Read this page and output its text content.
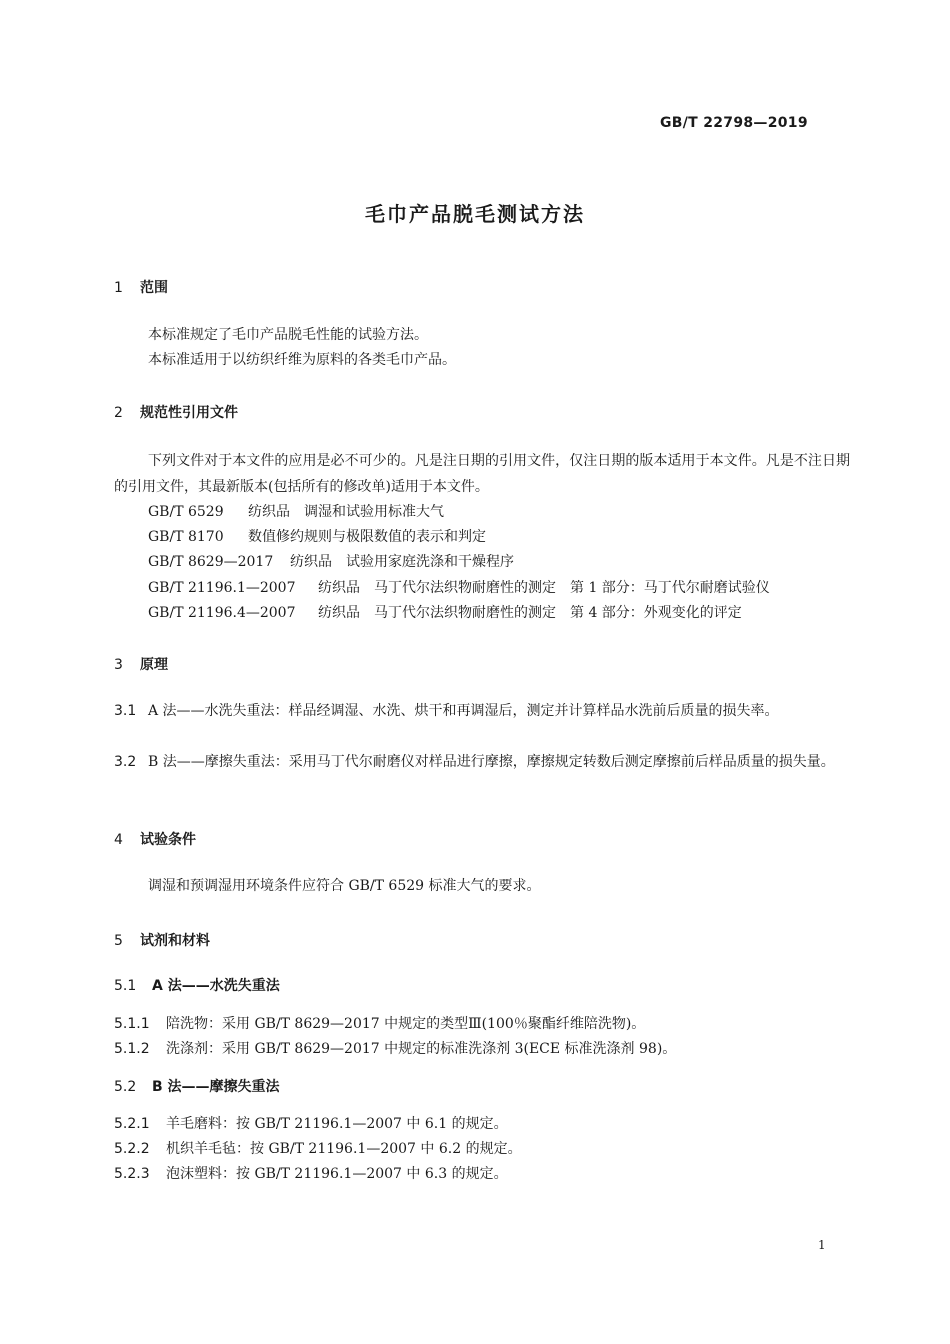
GB/T 22798—2019
毛巾产品脱毛测试方法
1 范围
本标准规定了毛巾产品脱毛性能的试验方法。
本标准适用于以纺织纤维为原料的各类毛巾产品。
2 规范性引用文件
下列文件对于本文件的应用是必不可少的。凡是注日期的引用文件，仅注日期的版本适用于本文件。凡是不注日期的引用文件，其最新版本(包括所有的修改单)适用于本文件。
GB/T 6529 纺织品　调湿和试验用标准大气
GB/T 8170 数值修约规则与极限数值的表示和判定
GB/T 8629—2017 纺织品　试验用家庭洗涤和干燥程序
GB/T 21196.1—2007 纺织品　马丁代尔法织物耐磨性的测定　第 1 部分：马丁代尔耐磨试验仪
GB/T 21196.4—2007 纺织品　马丁代尔法织物耐磨性的测定　第 4 部分：外观变化的评定
3 原理
3.1 A 法——水洗失重法：样品经调湿、水洗、烘干和再调湿后，测定并计算样品水洗前后质量的损失率。
3.2 B 法——摩擦失重法：采用马丁代尔耐磨仪对样品进行摩擦，摩擦规定转数后测定摩擦前后样品质量的损失量。
4 试验条件
调湿和预调湿用环境条件应符合 GB/T 6529 标准大气的要求。
5 试剂和材料
5.1 A 法——水洗失重法
5.1.1 陪洗物：采用 GB/T 8629—2017 中规定的类型Ⅲ(100％聚酯纤维陪洗物)。
5.1.2 洗涤剂：采用 GB/T 8629—2017 中规定的标准洗涤剂 3(ECE 标准洗涤剂 98)。
5.2 B 法——摩擦失重法
5.2.1 羊毛磨料：按 GB/T 21196.1—2007 中 6.1 的规定。
5.2.2 机织羊毛毡：按 GB/T 21196.1—2007 中 6.2 的规定。
5.2.3 泡沫塑料：按 GB/T 21196.1—2007 中 6.3 的规定。
1
